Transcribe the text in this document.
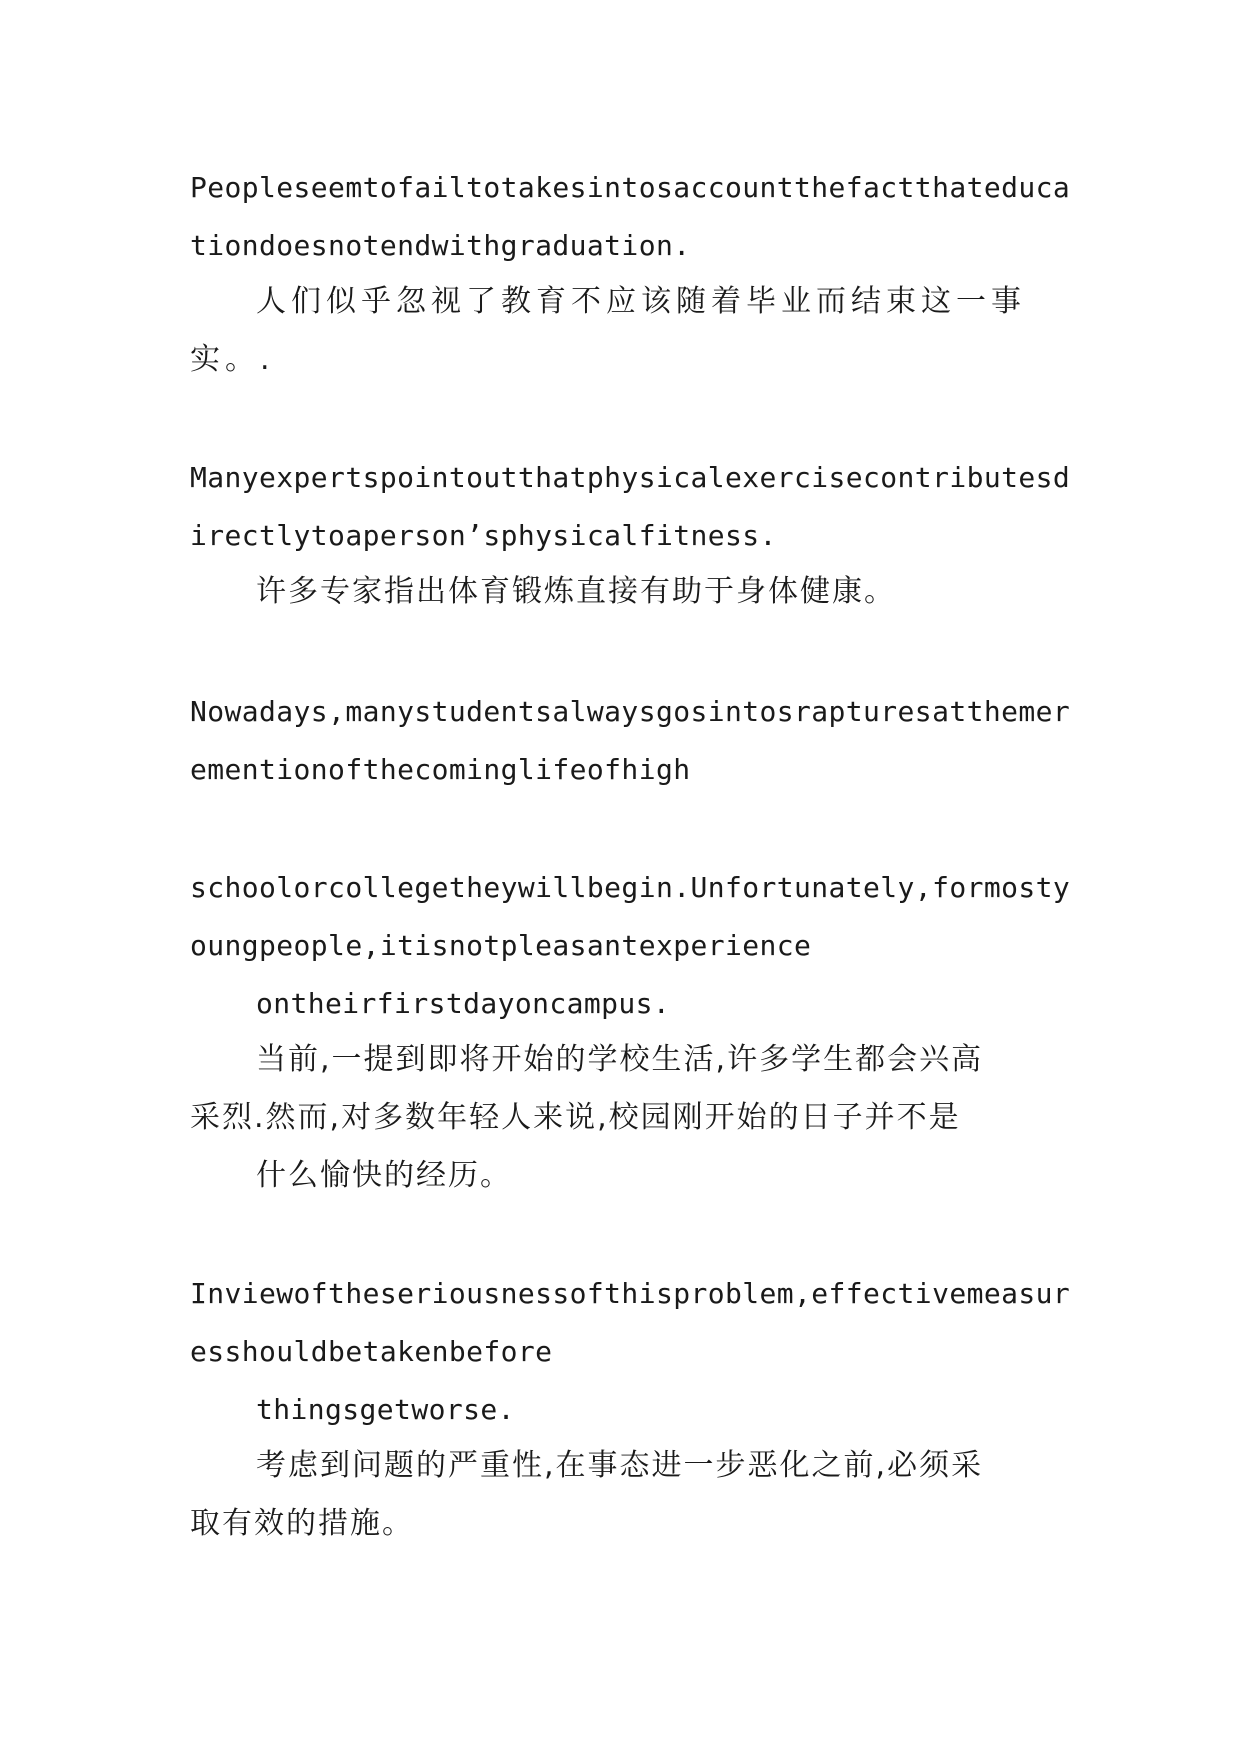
Peopleseemtofailtotakesintosaccountthefactthateduca
tiondoesnotendwithgraduation.
人们似乎忽视了教育不应该随着毕业而结束这一事
实。.
Manyexpertspointoutthatphysicalexercisecontributesd
irectlytoaperson’sphysicalfitness.
许多专家指出体育锻炼直接有助于身体健康。
Nowadays,manystudentsalwaysgosintosrapturesatthemer
ementionofthecominglifeofhigh
schoolorcollegetheywillbegin.Unfortunately,formosty
oungpeople,itisnotpleasantexperience
ontheirfirstdayoncampus.
当前,一提到即将开始的学校生活,许多学生都会兴高
采烈.然而,对多数年轻人来说,校园刚开始的日子并不是
什么愉快的经历。
Inviewoftheseriousnessofthisproblem,effectivemeasur
esshouldbetakenbefore
thingsgetworse.
考虑到问题的严重性,在事态进一步恶化之前,必须采
取有效的措施。
